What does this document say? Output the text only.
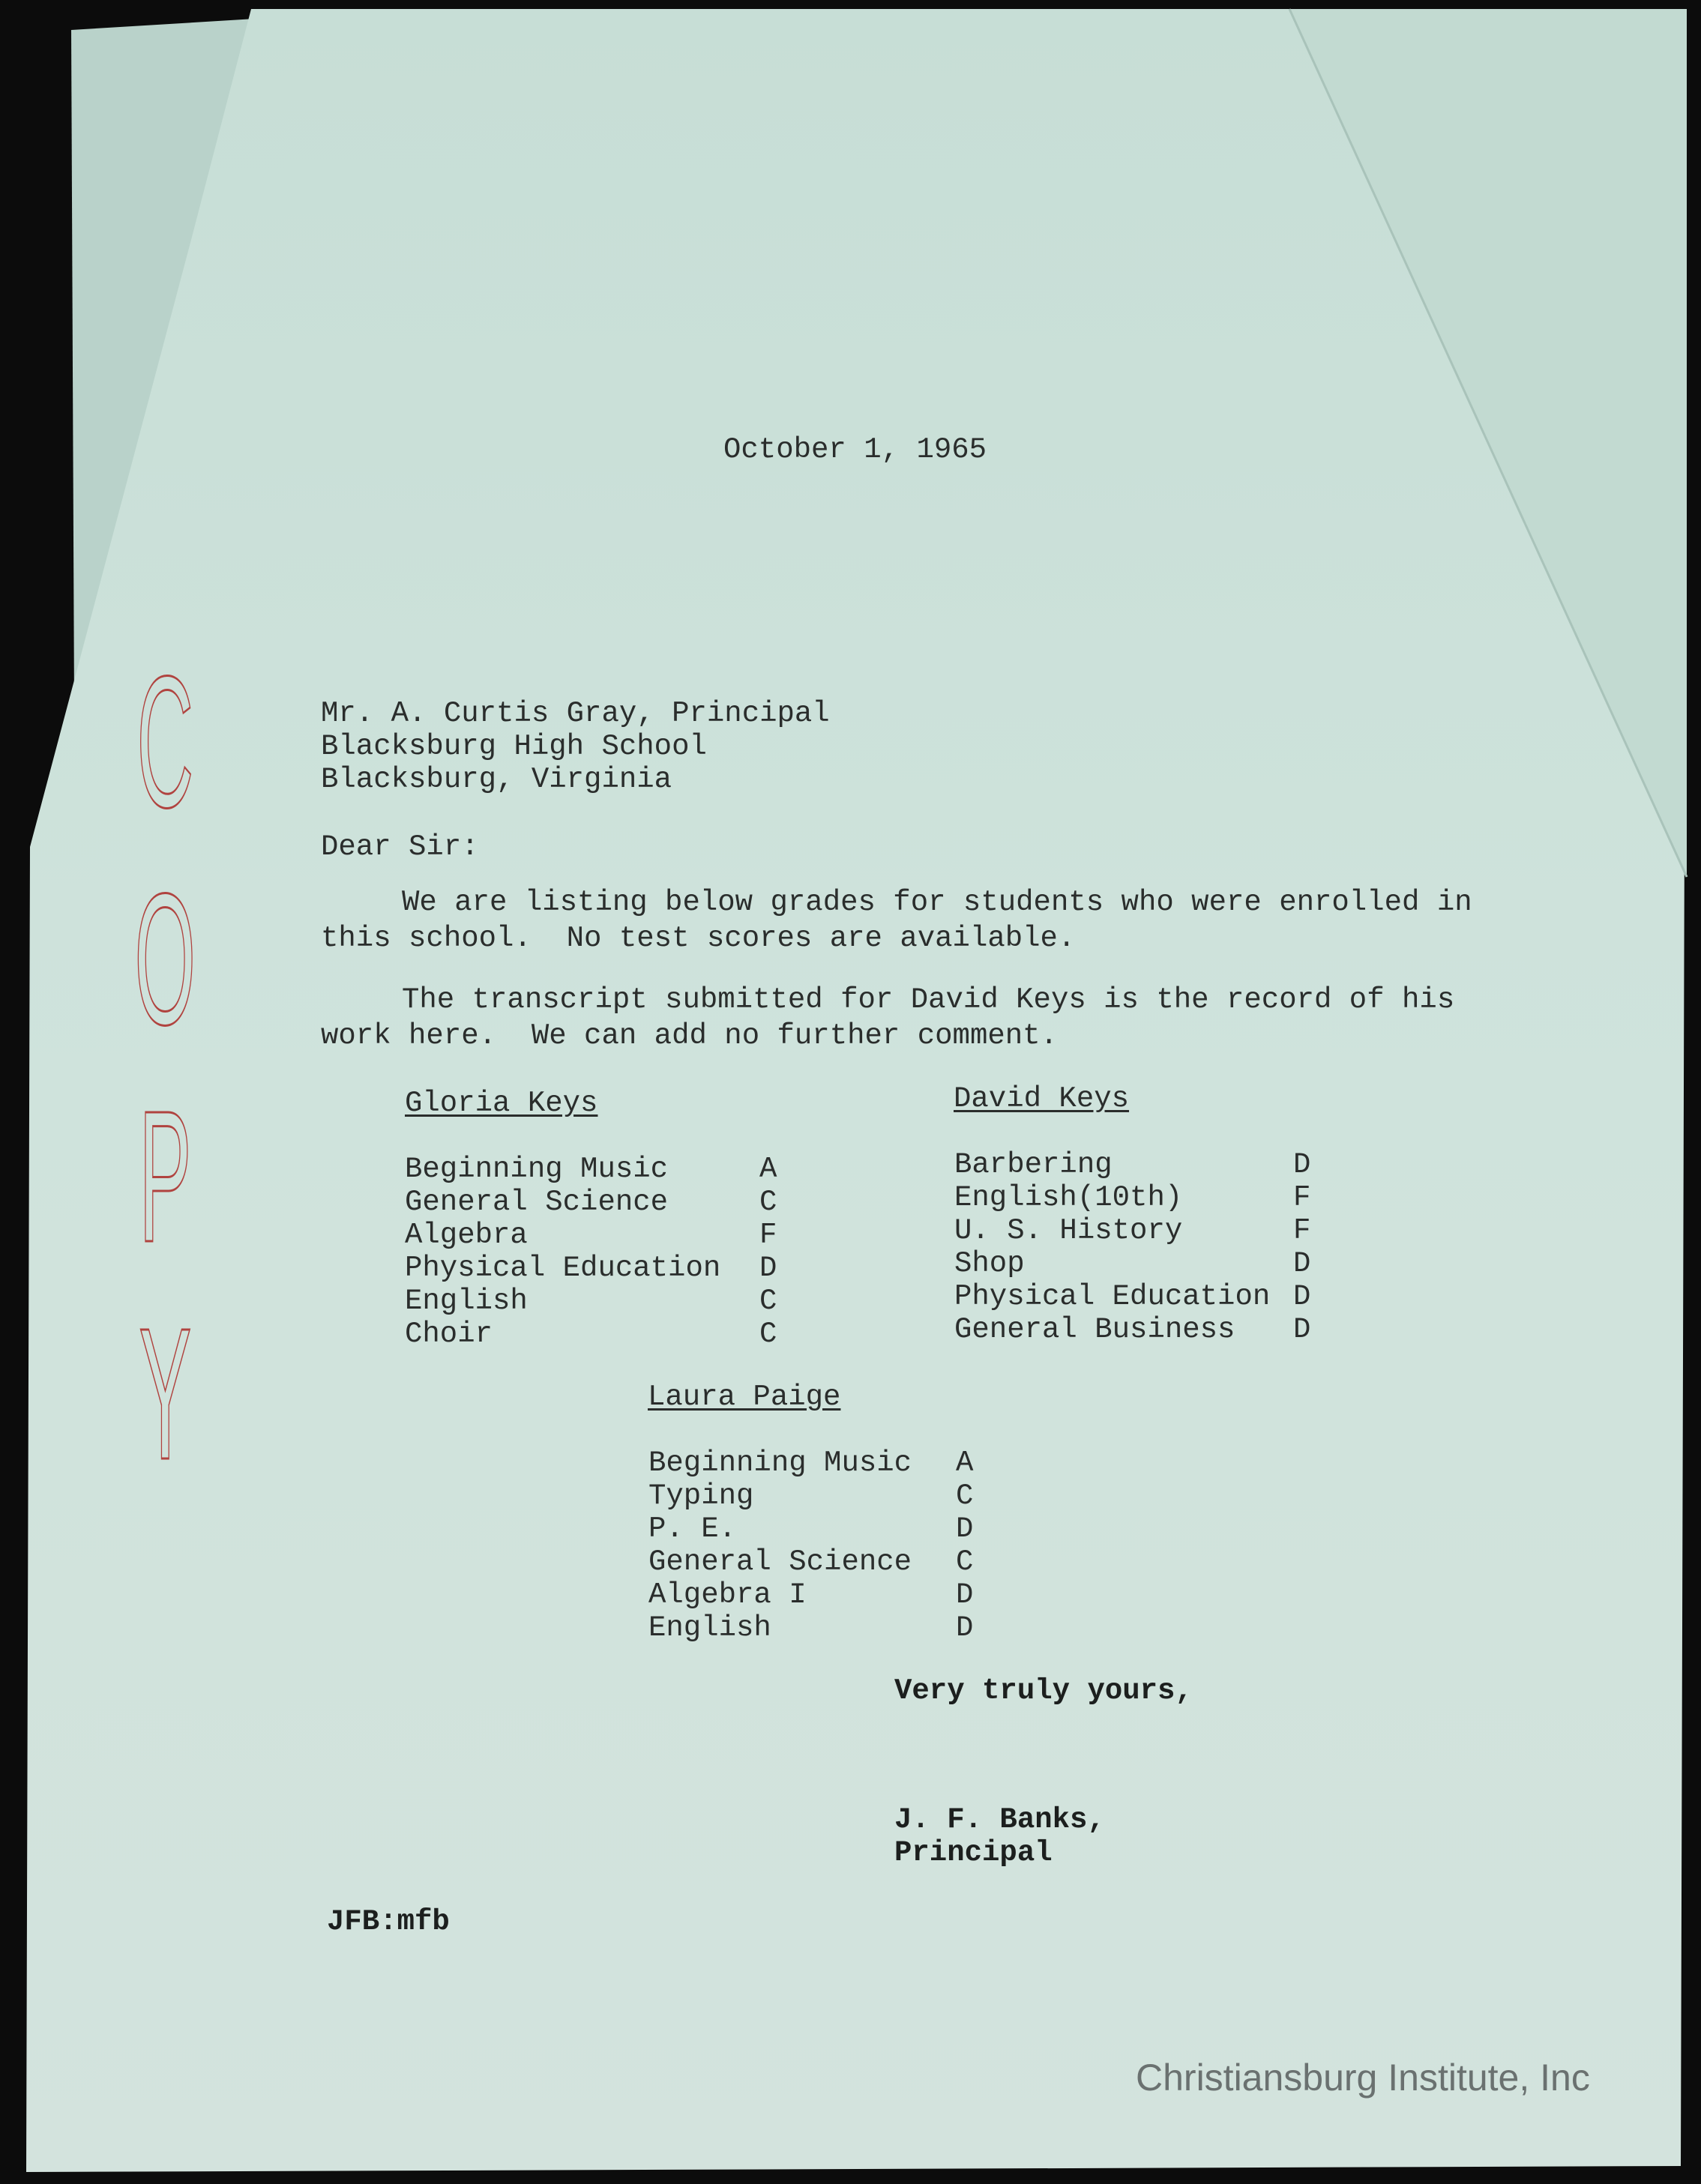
October 1, 1965

Mr. A. Curtis Gray, Principal

Blacksburg High School

Blacksburg, Virginia

Dear Sir:

We are listing below grades for students who were enrolled in

this school.  No test scores are available.

The transcript submitted for David Keys is the record of his

work here.  We can add no further comment.

Gloria Keys

Beginning Music	A

General Science	C

Algebra	F

Physical Education D

English	C

Choir	C

David Keys

Barbering	D

English(10th)	F

U. S. History	F

Shop	D

Physical Education D

General Business D

Laura Paige

Beginning Music A

Typing	C

P. E.	D

General Science C

Algebra I	D

English	D

Very truly yours,

J. F. Banks,

Principal

JFB:mfb

C
O
P
Y

Christiansburg Institute, Inc
